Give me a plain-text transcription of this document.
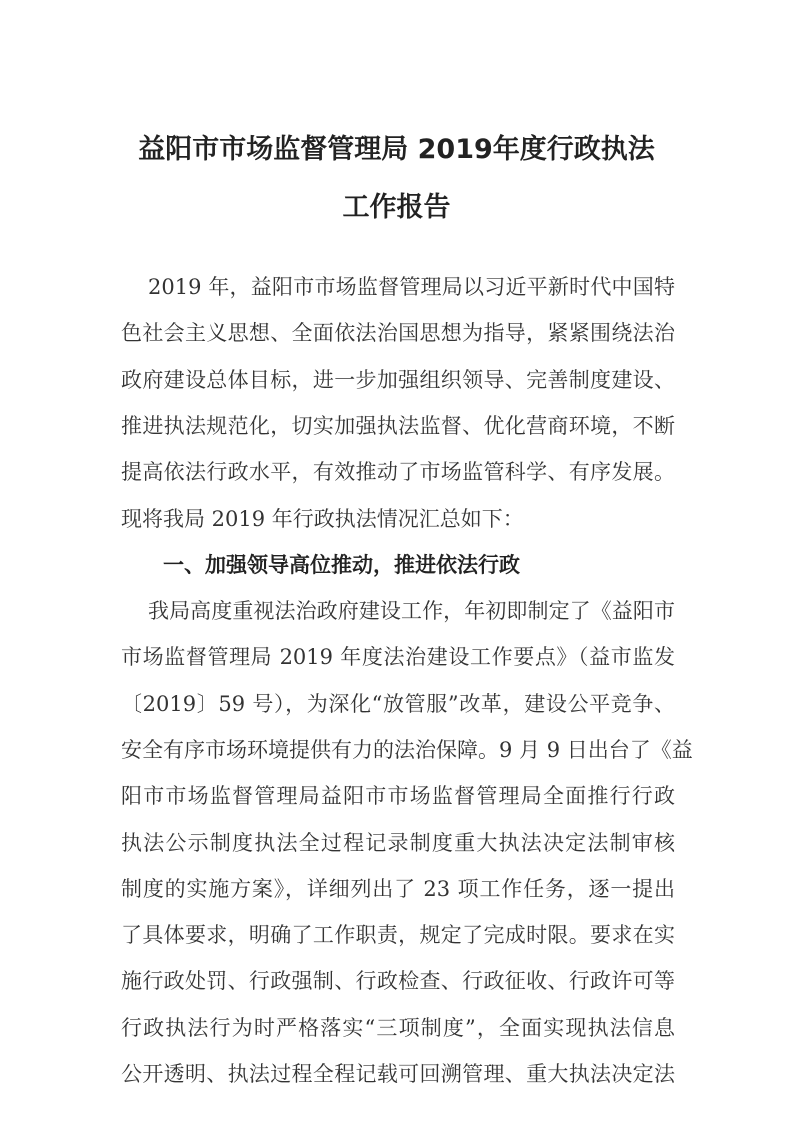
益阳市市场监督管理局 2019年度行政执法
工作报告
2019 年，益阳市市场监督管理局以习近平新时代中国特
色社会主义思想、全面依法治国思想为指导，紧紧围绕法治
政府建设总体目标，进一步加强组织领导、完善制度建设、
推进执法规范化，切实加强执法监督、优化营商环境，不断
提高依法行政水平，有效推动了市场监管科学、有序发展。
现将我局 2019 年行政执法情况汇总如下：
一、加强领导高位推动，推进依法行政
我局高度重视法治政府建设工作，年初即制定了《益阳市
市场监督管理局 2019 年度法治建设工作要点》（益市监发
〔2019〕59 号），为深化“放管服”改革，建设公平竞争、
安全有序市场环境提供有力的法治保障。9 月 9 日出台了《益
阳市市场监督管理局益阳市市场监督管理局全面推行行政
执法公示制度执法全过程记录制度重大执法决定法制审核
制度的实施方案》，详细列出了 23 项工作任务，逐一提出
了具体要求，明确了工作职责，规定了完成时限。要求在实
施行政处罚、行政强制、行政检查、行政征收、行政许可等
行政执法行为时严格落实“三项制度”，全面实现执法信息
公开透明、执法过程全程记载可回溯管理、重大执法决定法
